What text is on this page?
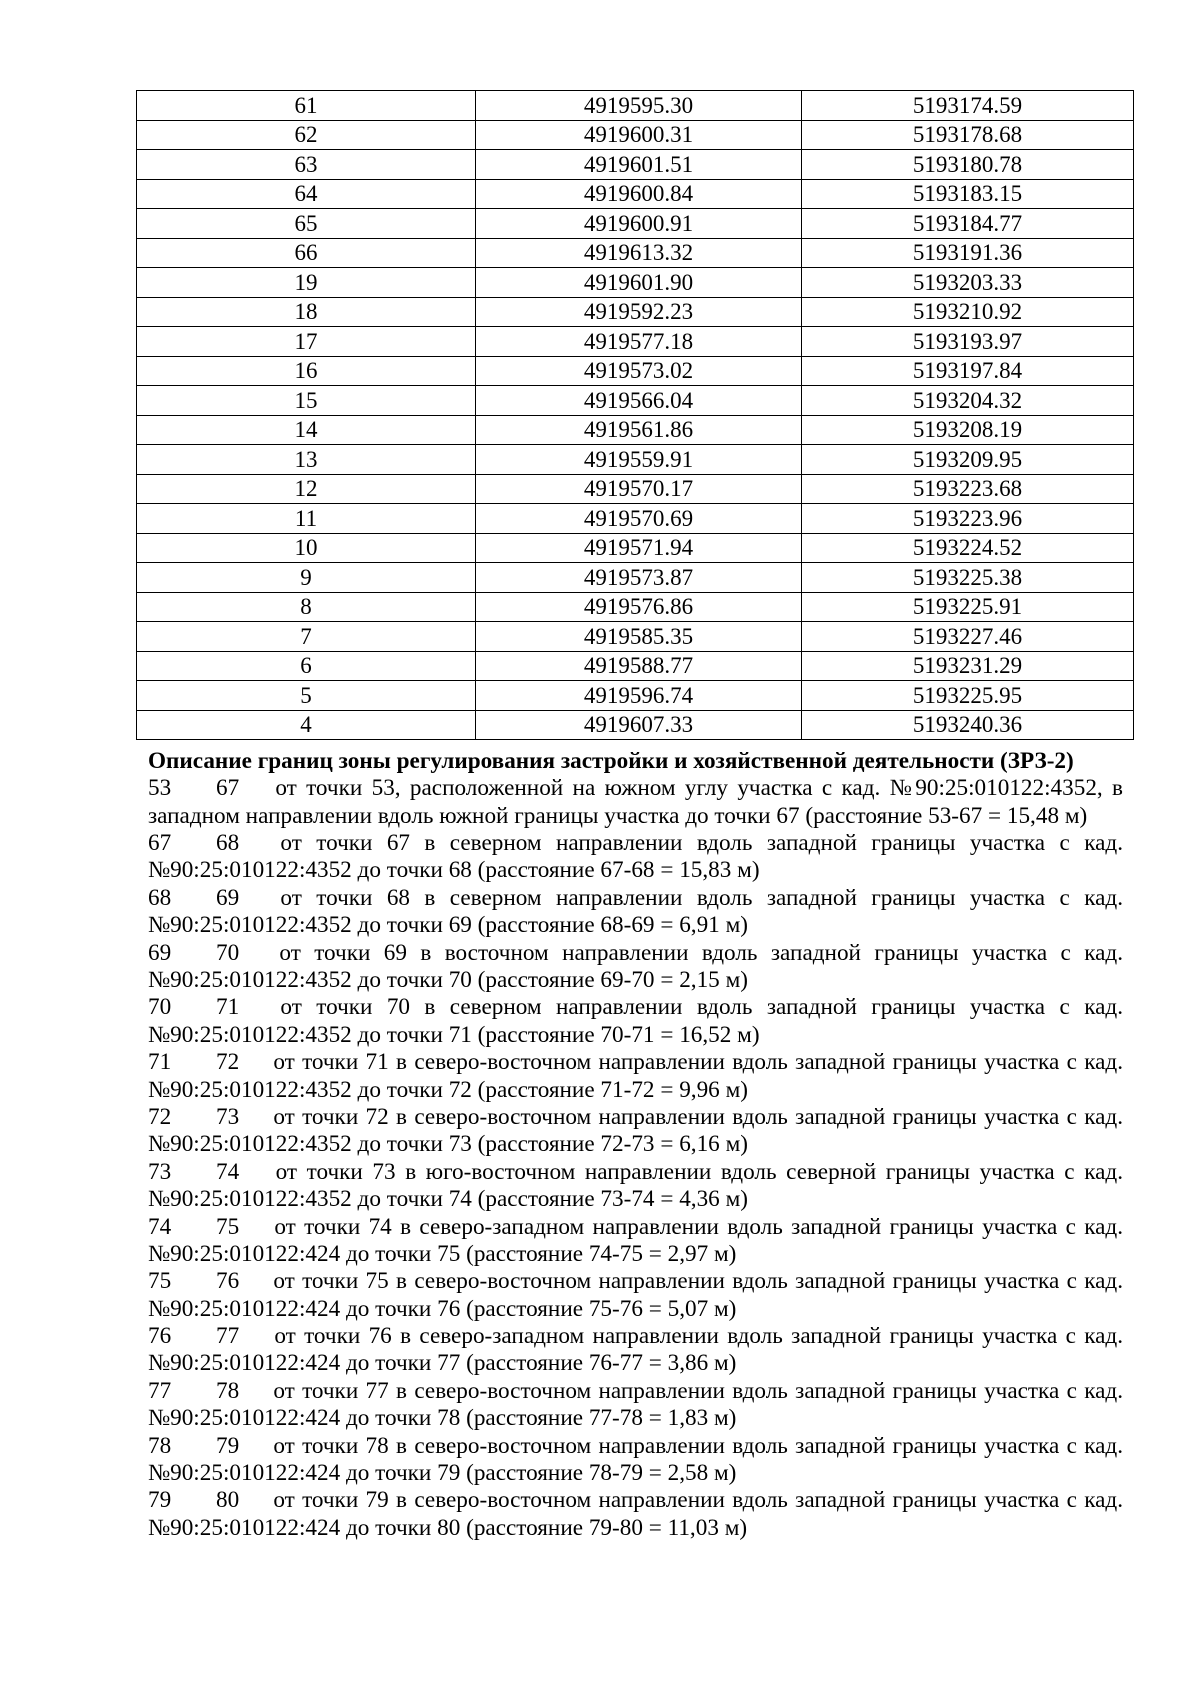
61	4919595.30	5193174.59
62	4919600.31	5193178.68
63	4919601.51	5193180.78
64	4919600.84	5193183.15
65	4919600.91	5193184.77
66	4919613.32	5193191.36
19	4919601.90	5193203.33
18	4919592.23	5193210.92
17	4919577.18	5193193.97
16	4919573.02	5193197.84
15	4919566.04	5193204.32
14	4919561.86	5193208.19
13	4919559.91	5193209.95
12	4919570.17	5193223.68
11	4919570.69	5193223.96
10	4919571.94	5193224.52
9	4919573.87	5193225.38
8	4919576.86	5193225.91
7	4919585.35	5193227.46
6	4919588.77	5193231.29
5	4919596.74	5193225.95
4	4919607.33	5193240.36

Описание границ зоны регулирования застройки и хозяйственной деятельности (ЗРЗ-2)

53 67 от точки 53, расположенной на южном углу участка с кад. №90:25:010122:4352, в западном направлении вдоль южной границы участка до точки 67 (расстояние 53-67 = 15,48 м)

67 68 от точки 67 в северном направлении вдоль западной границы участка с кад. №90:25:010122:4352 до точки 68 (расстояние 67-68 = 15,83 м)

68 69 от точки 68 в северном направлении вдоль западной границы участка с кад. №90:25:010122:4352 до точки 69 (расстояние 68-69 = 6,91 м)

69 70 от точки 69 в восточном направлении вдоль западной границы участка с кад. №90:25:010122:4352 до точки 70 (расстояние 69-70 = 2,15 м)

70 71 от точки 70 в северном направлении вдоль западной границы участка с кад. №90:25:010122:4352 до точки 71 (расстояние 70-71 = 16,52 м)

71 72 от точки 71 в северо-восточном направлении вдоль западной границы участка с кад. №90:25:010122:4352 до точки 72 (расстояние 71-72 = 9,96 м)

72 73 от точки 72 в северо-восточном направлении вдоль западной границы участка с кад. №90:25:010122:4352 до точки 73 (расстояние 72-73 = 6,16 м)

73 74 от точки 73 в юго-восточном направлении вдоль северной границы участка с кад. №90:25:010122:4352 до точки 74 (расстояние 73-74 = 4,36 м)

74 75 от точки 74 в северо-западном направлении вдоль западной границы участка с кад. №90:25:010122:424 до точки 75 (расстояние 74-75 = 2,97 м)

75 76 от точки 75 в северо-восточном направлении вдоль западной границы участка с кад. №90:25:010122:424 до точки 76 (расстояние 75-76 = 5,07 м)

76 77 от точки 76 в северо-западном направлении вдоль западной границы участка с кад. №90:25:010122:424 до точки 77 (расстояние 76-77 = 3,86 м)

77 78 от точки 77 в северо-восточном направлении вдоль западной границы участка с кад. №90:25:010122:424 до точки 78 (расстояние 77-78 = 1,83 м)

78 79 от точки 78 в северо-восточном направлении вдоль западной границы участка с кад. №90:25:010122:424 до точки 79 (расстояние 78-79 = 2,58 м)

79 80 от точки 79 в северо-восточном направлении вдоль западной границы участка с кад. №90:25:010122:424 до точки 80 (расстояние 79-80 = 11,03 м)
